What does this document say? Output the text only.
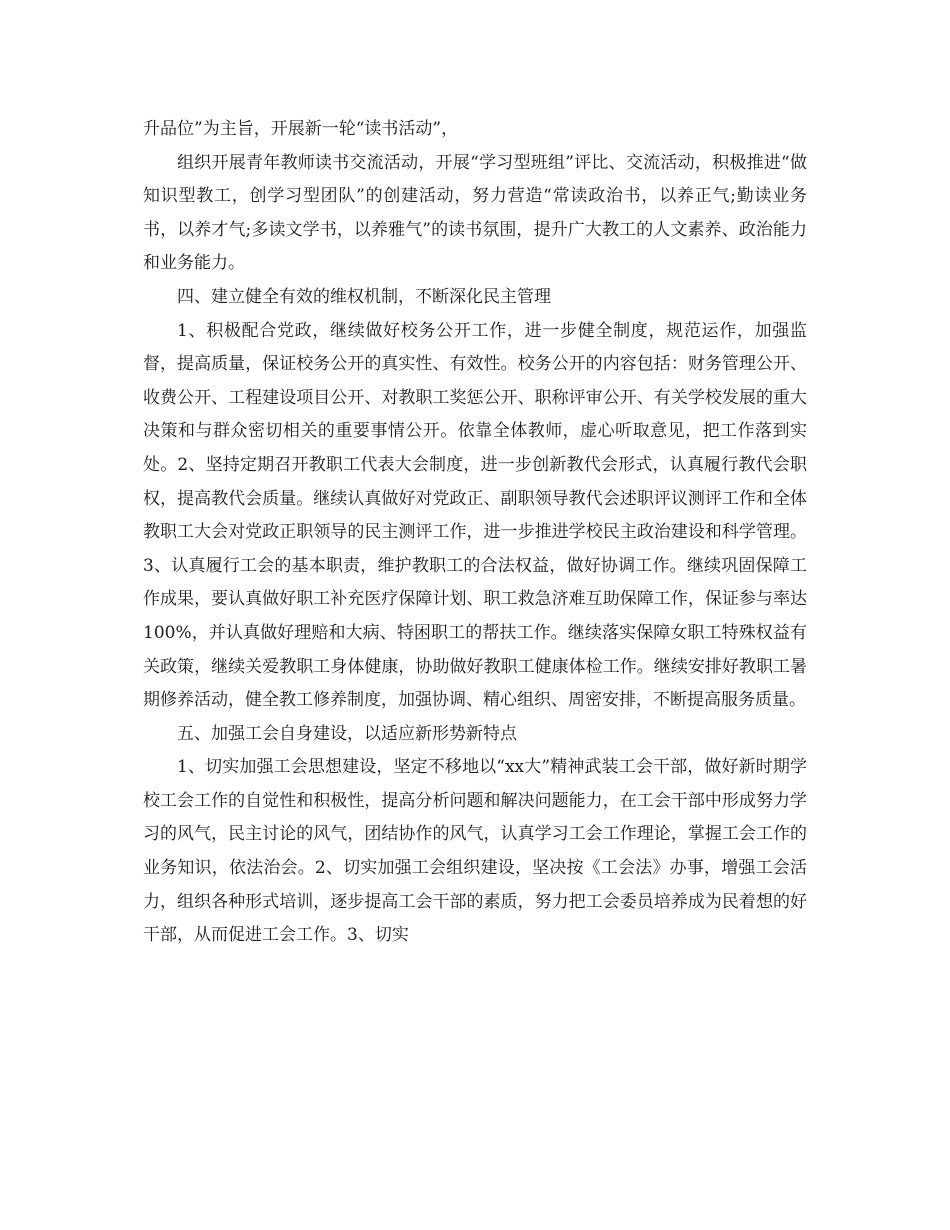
升品位”为主旨，开展新一轮“读书活动”，

组织开展青年教师读书交流活动，开展“学习型班组”评比、交流活动，积极推进“做知识型教工，创学习型团队”的创建活动，努力营造“常读政治书，以养正气;勤读业务书，以养才气;多读文学书，以养雅气”的读书氛围，提升广大教工的人文素养、政治能力和业务能力。

四、建立健全有效的维权机制，不断深化民主管理

1、积极配合党政，继续做好校务公开工作，进一步健全制度，规范运作，加强监督，提高质量，保证校务公开的真实性、有效性。校务公开的内容包括：财务管理公开、收费公开、工程建设项目公开、对教职工奖惩公开、职称评审公开、有关学校发展的重大决策和与群众密切相关的重要事情公开。依靠全体教师，虚心听取意见，把工作落到实处。2、坚持定期召开教职工代表大会制度，进一步创新教代会形式，认真履行教代会职权，提高教代会质量。继续认真做好对党政正、副职领导教代会述职评议测评工作和全体教职工大会对党政正职领导的民主测评工作，进一步推进学校民主政治建设和科学管理。3、认真履行工会的基本职责，维护教职工的合法权益，做好协调工作。继续巩固保障工作成果，要认真做好职工补充医疗保障计划、职工救急济难互助保障工作，保证参与率达100%，并认真做好理赔和大病、特困职工的帮扶工作。继续落实保障女职工特殊权益有关政策，继续关爱教职工身体健康，协助做好教职工健康体检工作。继续安排好教职工暑期修养活动，健全教工修养制度，加强协调、精心组织、周密安排，不断提高服务质量。

五、加强工会自身建设，以适应新形势新特点

1、切实加强工会思想建设，坚定不移地以“xx大”精神武装工会干部，做好新时期学校工会工作的自觉性和积极性，提高分析问题和解决问题能力，在工会干部中形成努力学习的风气，民主讨论的风气，团结协作的风气，认真学习工会工作理论，掌握工会工作的业务知识，依法治会。2、切实加强工会组织建设，坚决按《工会法》办事，增强工会活力，组织各种形式培训，逐步提高工会干部的素质，努力把工会委员培养成为民着想的好干部，从而促进工会工作。3、切实
